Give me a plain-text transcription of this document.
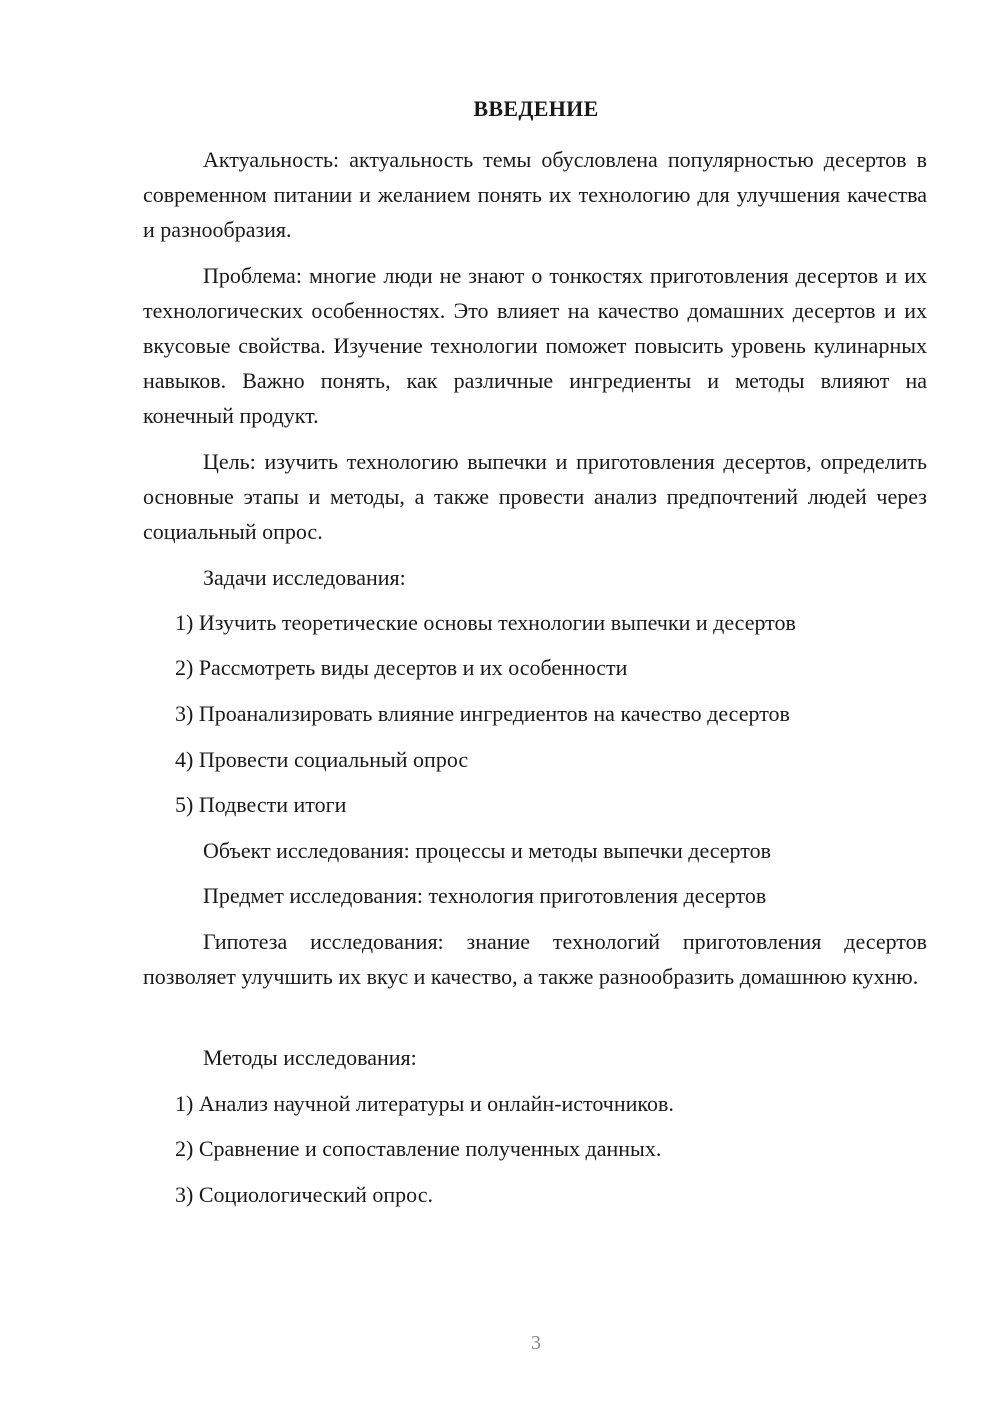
ВВЕДЕНИЕ

Актуальность: актуальность темы обусловлена популярностью десертов в современном питании и желанием понять их технологию для улучшения качества и разнообразия.

Проблема: многие люди не знают о тонкостях приготовления десертов и их технологических особенностях. Это влияет на качество домашних десертов и их вкусовые свойства. Изучение технологии поможет повысить уровень кулинарных навыков. Важно понять, как различные ингредиенты и методы влияют на конечный продукт.

Цель: изучить технологию выпечки и приготовления десертов, определить основные этапы и методы, а также провести анализ предпочтений людей через социальный опрос.

Задачи исследования:

1) Изучить теоретические основы технологии выпечки и десертов

2) Рассмотреть виды десертов и их особенности

3) Проанализировать влияние ингредиентов на качество десертов

4) Провести социальный опрос

5) Подвести итоги

Объект исследования: процессы и методы выпечки десертов

Предмет исследования: технология приготовления десертов

Гипотеза исследования: знание технологий приготовления десертов позволяет улучшить их вкус и качество, а также разнообразить домашнюю кухню.

Методы исследования:

1) Анализ научной литературы и онлайн-источников.

2) Сравнение и сопоставление полученных данных.

3) Социологический опрос.

3
